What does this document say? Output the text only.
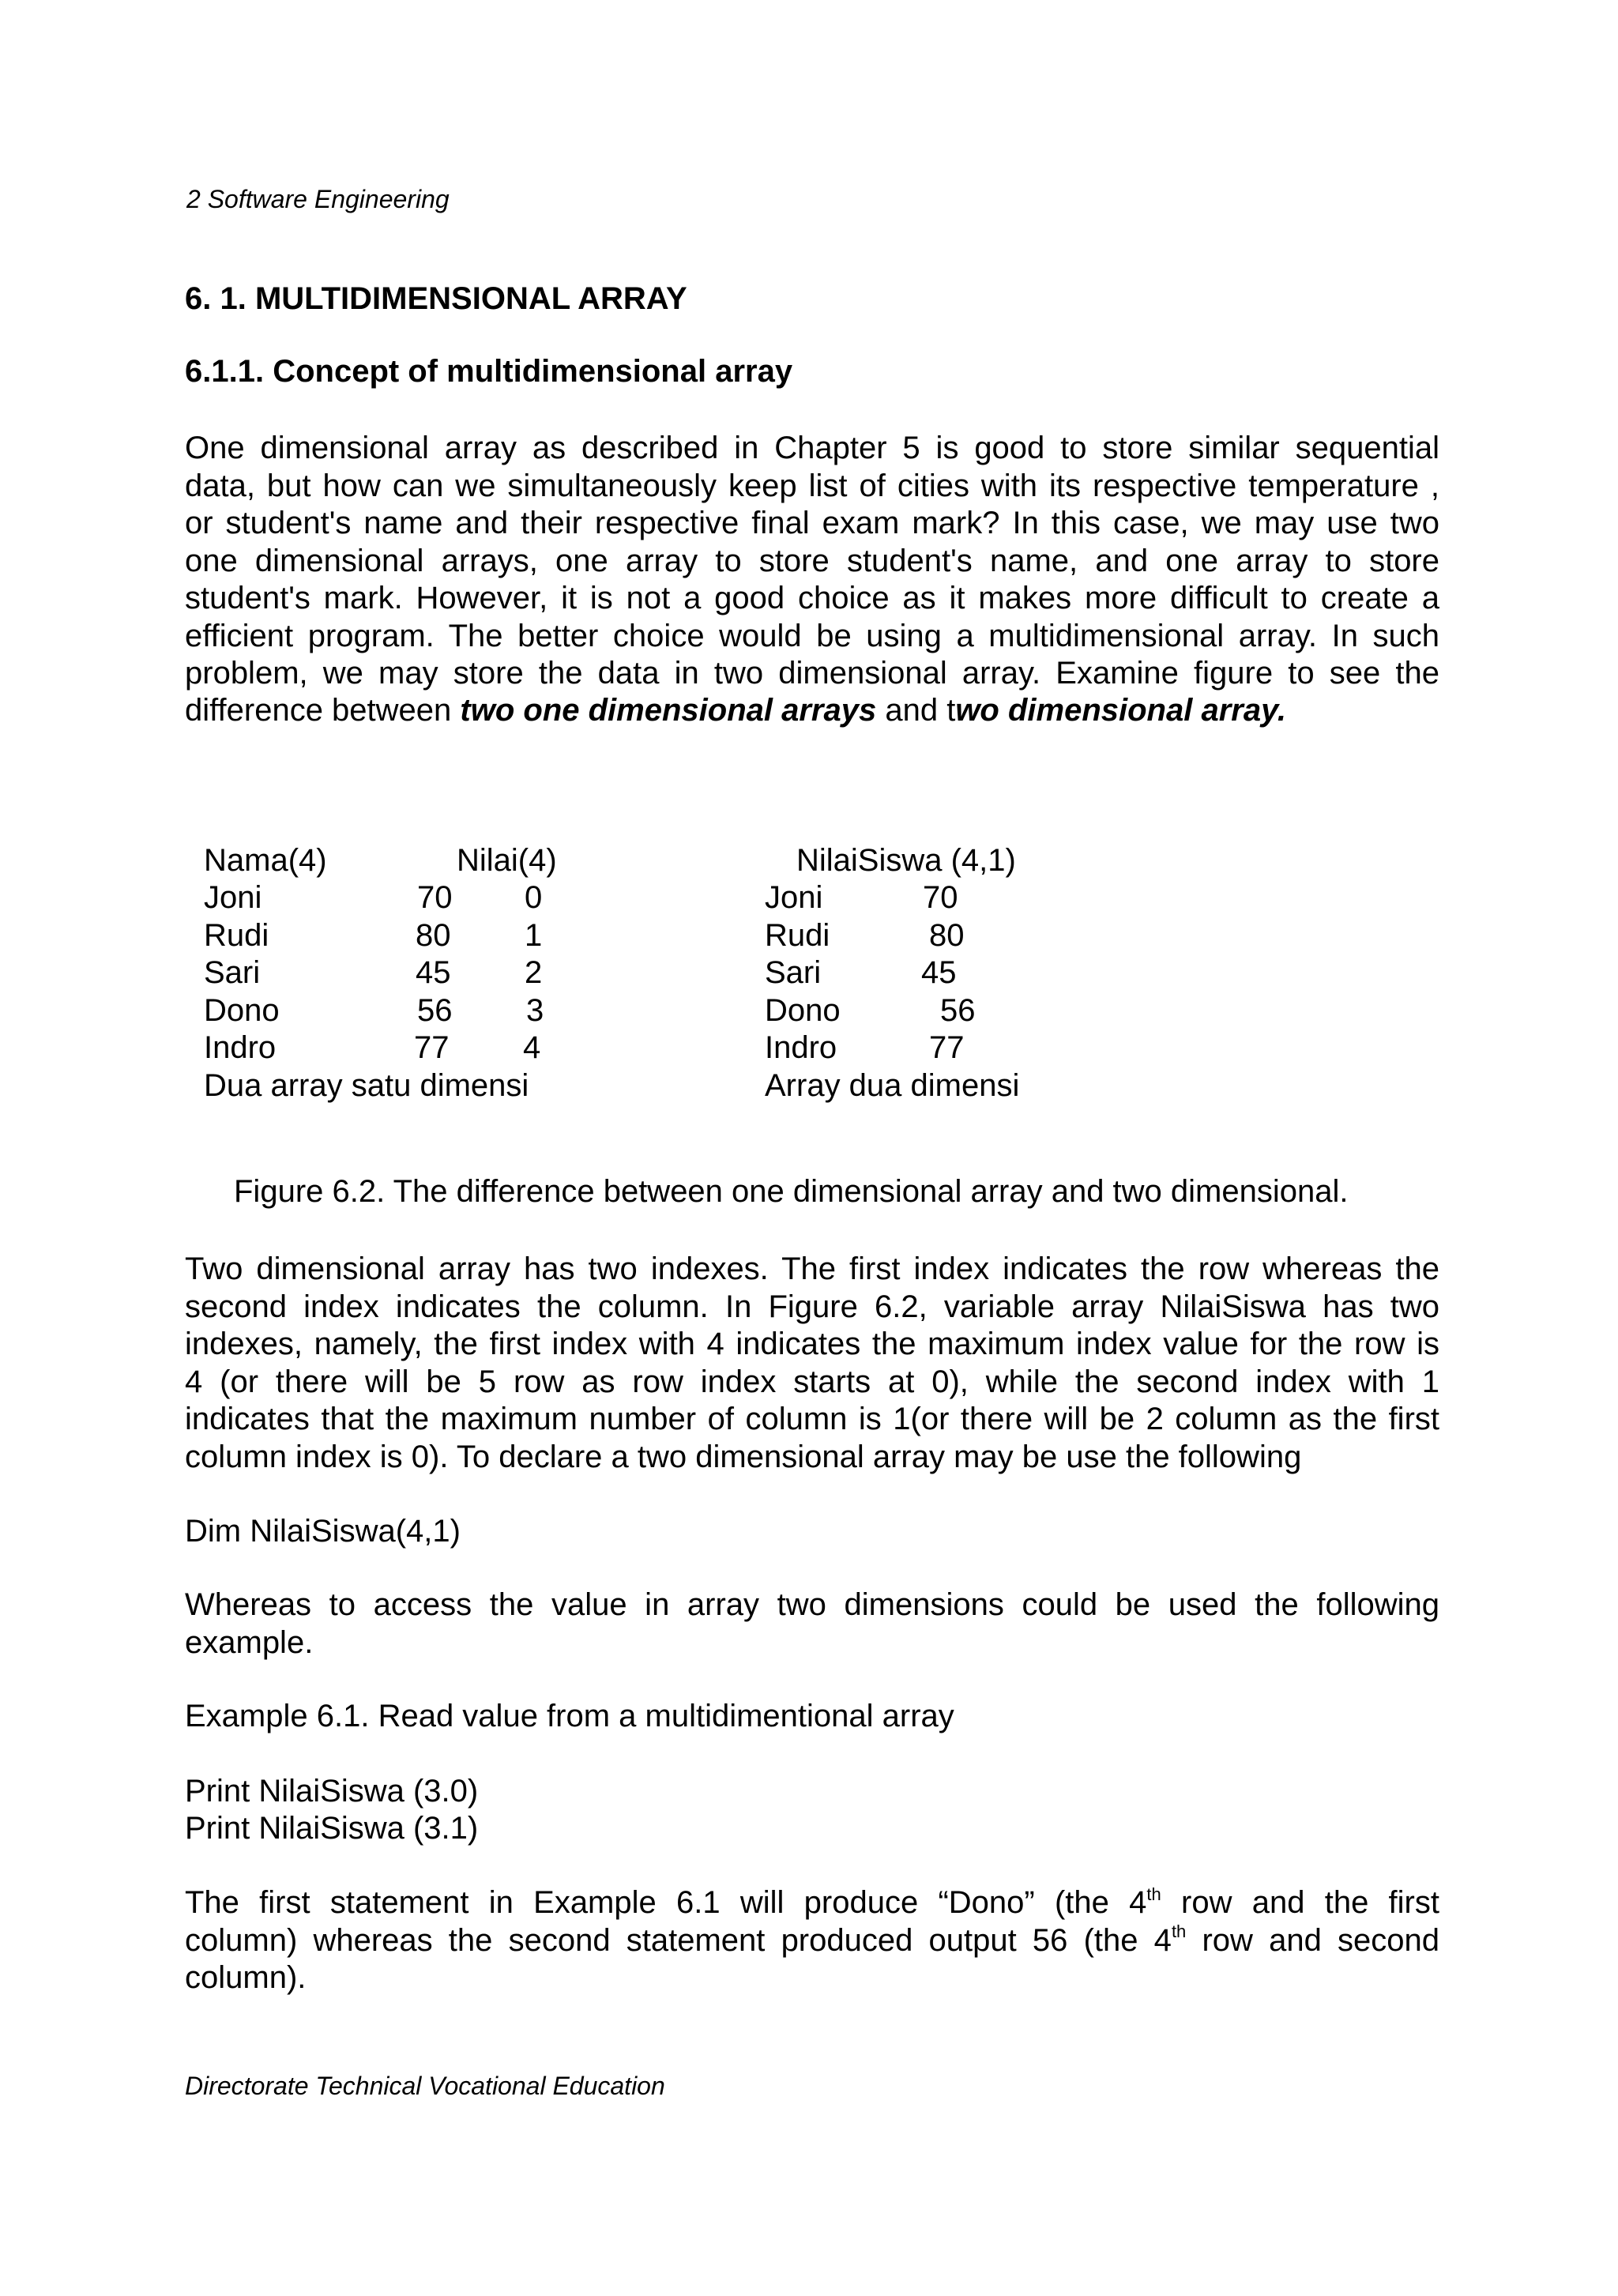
2 Software Engineering
6. 1. MULTIDIMENSIONAL ARRAY
6.1.1. Concept of multidimensional array
One dimensional array as described in Chapter 5 is good to store similar sequential
data, but how can we simultaneously keep list of cities with its respective temperature ,
or student's name and their respective final exam mark? In this case, we may use two
one dimensional arrays, one array to store student's name, and one array to store
student's mark. However, it is not a good choice as it makes more difficult to create a
efficient program. The better choice would be using a multidimensional array. In such
problem, we may store the data in two dimensional array. Examine figure to see the
difference between two one dimensional arrays and two dimensional array.
Nama(4)	Nilai(4)
Joni	70 0
Rudi	80 1
Sari	45 2
Dono	56 3
Indro	77 4
Dua array satu dimensi
NilaiSiswa (4,1)
Joni	70
Rudi	80
Sari	45
Dono	56
Indro	77
Array dua dimensi
Figure 6.2. The difference between one dimensional array and two dimensional.
Two dimensional array has two indexes. The first index indicates the row whereas the
second index indicates the column. In Figure 6.2, variable array NilaiSiswa has two
indexes, namely, the first index with 4 indicates the maximum index value for the row is
4 (or there will be 5 row as row index starts at 0), while the second index with 1
indicates that the maximum number of column is 1(or there will be 2 column as the first
column index is 0). To declare a two dimensional array may be use the following
Dim NilaiSiswa(4,1)
Whereas to access the value in array two dimensions could be used the following
example.
Example 6.1. Read value from a multidimentional array
Print NilaiSiswa (3.0)
Print NilaiSiswa (3.1)
The first statement in Example 6.1 will produce “Dono” (the 4th row and the first
column) whereas the second statement produced output 56 (the 4th row and second
column).
Directorate Technical Vocational Education
